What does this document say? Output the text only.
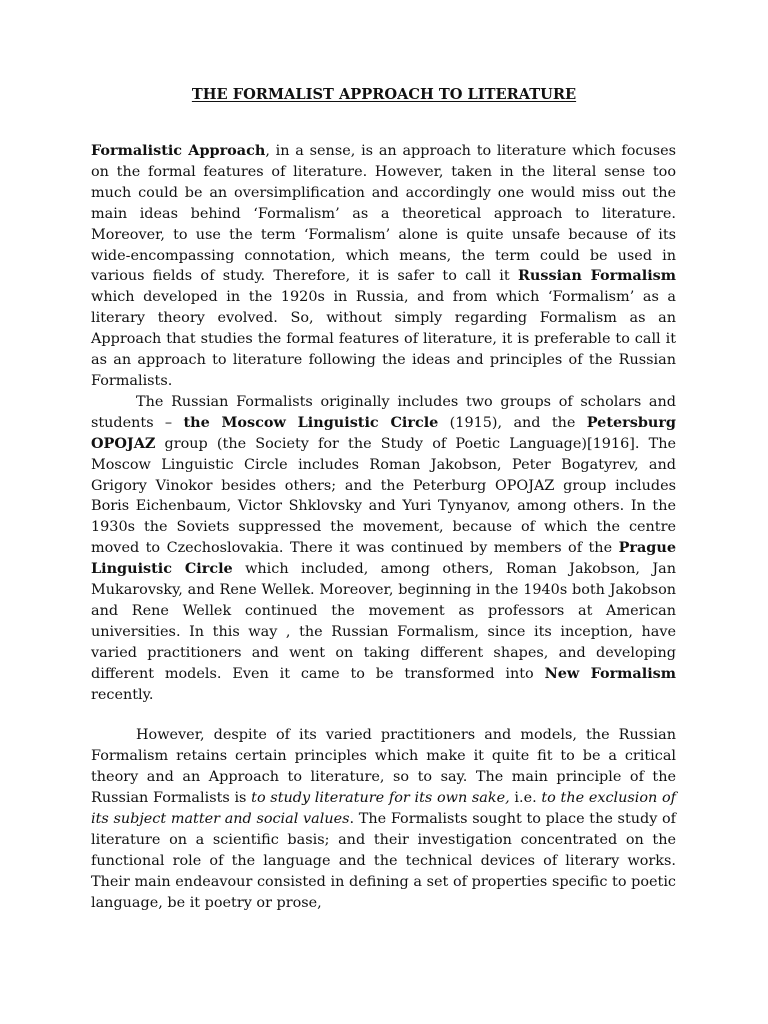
THE FORMALIST APPROACH TO LITERATURE

Formalistic Approach, in a sense, is an approach to literature which focuses on the formal features of literature. However, taken in the literal sense too much could be an oversimplification and accordingly one would miss out the main ideas behind ‘Formalism’ as a theoretical approach to literature. Moreover, to use the term ‘Formalism’ alone is quite unsafe because of its wide-encompassing connotation, which means, the term could be used in various fields of study. Therefore, it is safer to call it Russian Formalism which developed in the 1920s in Russia, and from which ‘Formalism’ as a literary theory evolved. So, without simply regarding Formalism as an Approach that studies the formal features of literature, it is preferable to call it as an approach to literature following the ideas and principles of the Russian Formalists.

The Russian Formalists originally includes two groups of scholars and students – the Moscow Linguistic Circle (1915), and the Petersburg OPOJAZ group (the Society for the Study of Poetic Language)[1916]. The Moscow Linguistic Circle includes Roman Jakobson, Peter Bogatyrev, and Grigory Vinokor besides others; and the Peterburg OPOJAZ group includes Boris Eichenbaum, Victor Shklovsky and Yuri Tynyanov, among others. In the 1930s the Soviets suppressed the movement, because of which the centre moved to Czechoslovakia. There it was continued by members of the Prague Linguistic Circle which included, among others, Roman Jakobson, Jan Mukarovsky, and Rene Wellek. Moreover, beginning in the 1940s both Jakobson and Rene Wellek continued the movement as professors at American universities. In this way , the Russian Formalism, since its inception, have varied practitioners and went on taking different shapes, and developing different models. Even it came to be transformed into New Formalism recently.

However, despite of its varied practitioners and models, the Russian Formalism retains certain principles which make it quite fit to be a critical theory and an Approach to literature, so to say. The main principle of the Russian Formalists is to study literature for its own sake, i.e. to the exclusion of its subject matter and social values. The Formalists sought to place the study of literature on a scientific basis; and their investigation concentrated on the functional role of the language and the technical devices of literary works. Their main endeavour consisted in defining a set of properties specific to poetic language, be it poetry or prose,
